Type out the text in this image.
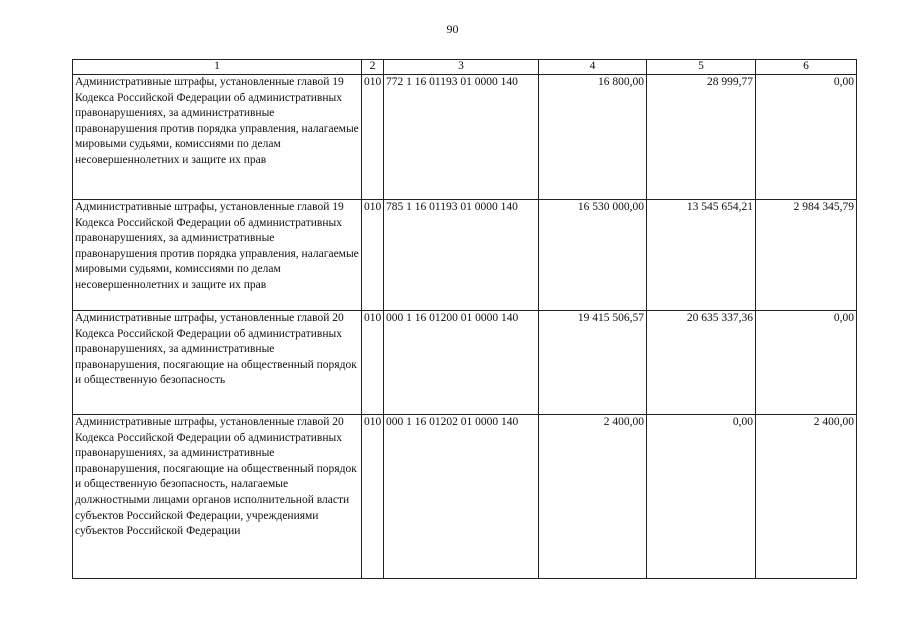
90
1	2	3	4	5	6
Административные штрафы, установленные главой 19 Кодекса Российской Федерации об административных правонарушениях, за административные правонарушения против порядка управления, налагаемые мировыми судьями, комиссиями по делам несовершеннолетних и защите их прав	010	772 1 16 01193 01 0000 140	16 800,00	28 999,77	0,00
Административные штрафы, установленные главой 19 Кодекса Российской Федерации об административных правонарушениях, за административные правонарушения против порядка управления, налагаемые мировыми судьями, комиссиями по делам несовершеннолетних и защите их прав	010	785 1 16 01193 01 0000 140	16 530 000,00	13 545 654,21	2 984 345,79
Административные штрафы, установленные главой 20 Кодекса Российской Федерации об административных правонарушениях, за административные правонарушения, посягающие на общественный порядок и общественную безопасность	010	000 1 16 01200 01 0000 140	19 415 506,57	20 635 337,36	0,00
Административные штрафы, установленные главой 20 Кодекса Российской Федерации об административных правонарушениях, за административные правонарушения, посягающие на общественный порядок и общественную безопасность, налагаемые должностными лицами органов исполнительной власти субъектов Российской Федерации, учреждениями субъектов Российской Федерации	010	000 1 16 01202 01 0000 140	2 400,00	0,00	2 400,00
